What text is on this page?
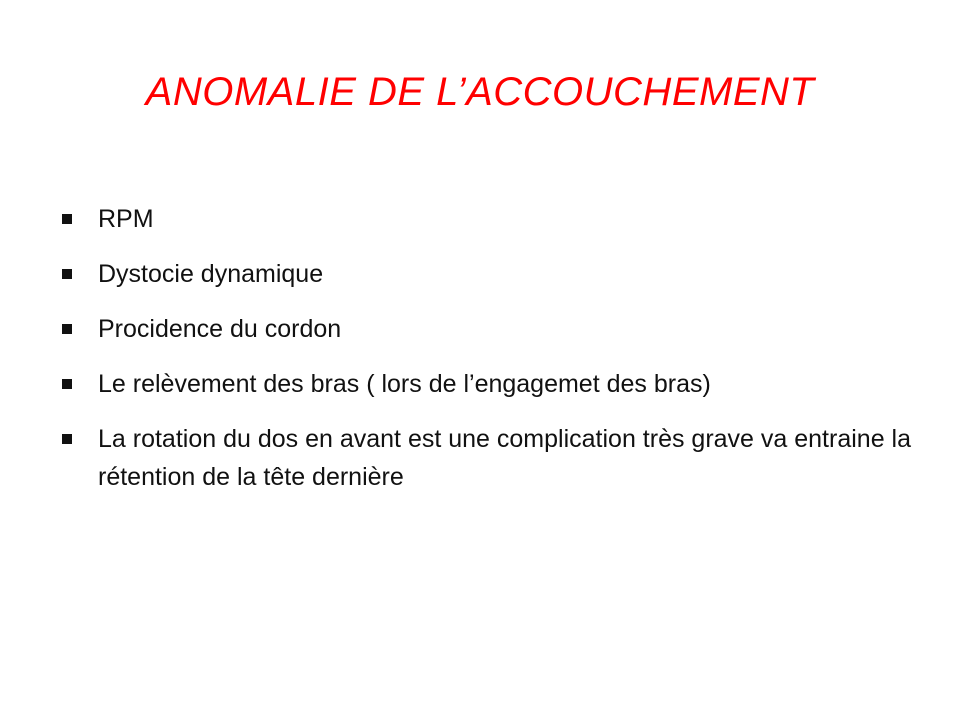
ANOMALIE DE L’ACCOUCHEMENT
RPM
Dystocie dynamique
Procidence du cordon
Le relèvement des bras ( lors de l’engagemet des bras)
La rotation du dos en avant est une complication très grave va entraine la rétention de la tête dernière
